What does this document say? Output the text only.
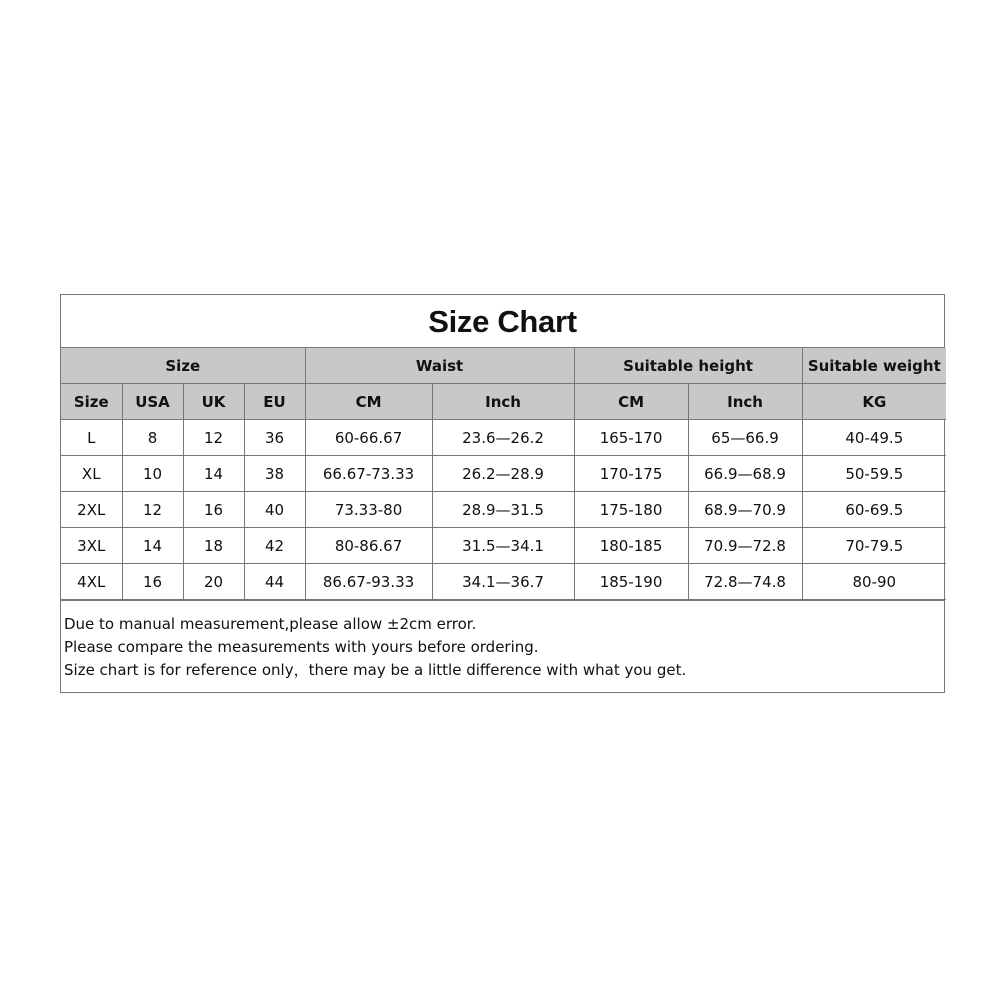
Size Chart
Size				Waist		Suitable height		Suitable weight
Size	USA	UK	EU	CM	Inch	CM	Inch	KG
L	8	12	36	60-66.67	23.6—26.2	165-170	65—66.9	40-49.5
XL	10	14	38	66.67-73.33	26.2—28.9	170-175	66.9—68.9	50-59.5
2XL	12	16	40	73.33-80	28.9—31.5	175-180	68.9—70.9	60-69.5
3XL	14	18	42	80-86.67	31.5—34.1	180-185	70.9—72.8	70-79.5
4XL	16	20	44	86.67-93.33	34.1—36.7	185-190	72.8—74.8	80-90
Due to manual measurement,please allow ±2cm error.
Please compare the measurements with yours before ordering.
Size chart is for reference only，there may be a little difference with what you get.
